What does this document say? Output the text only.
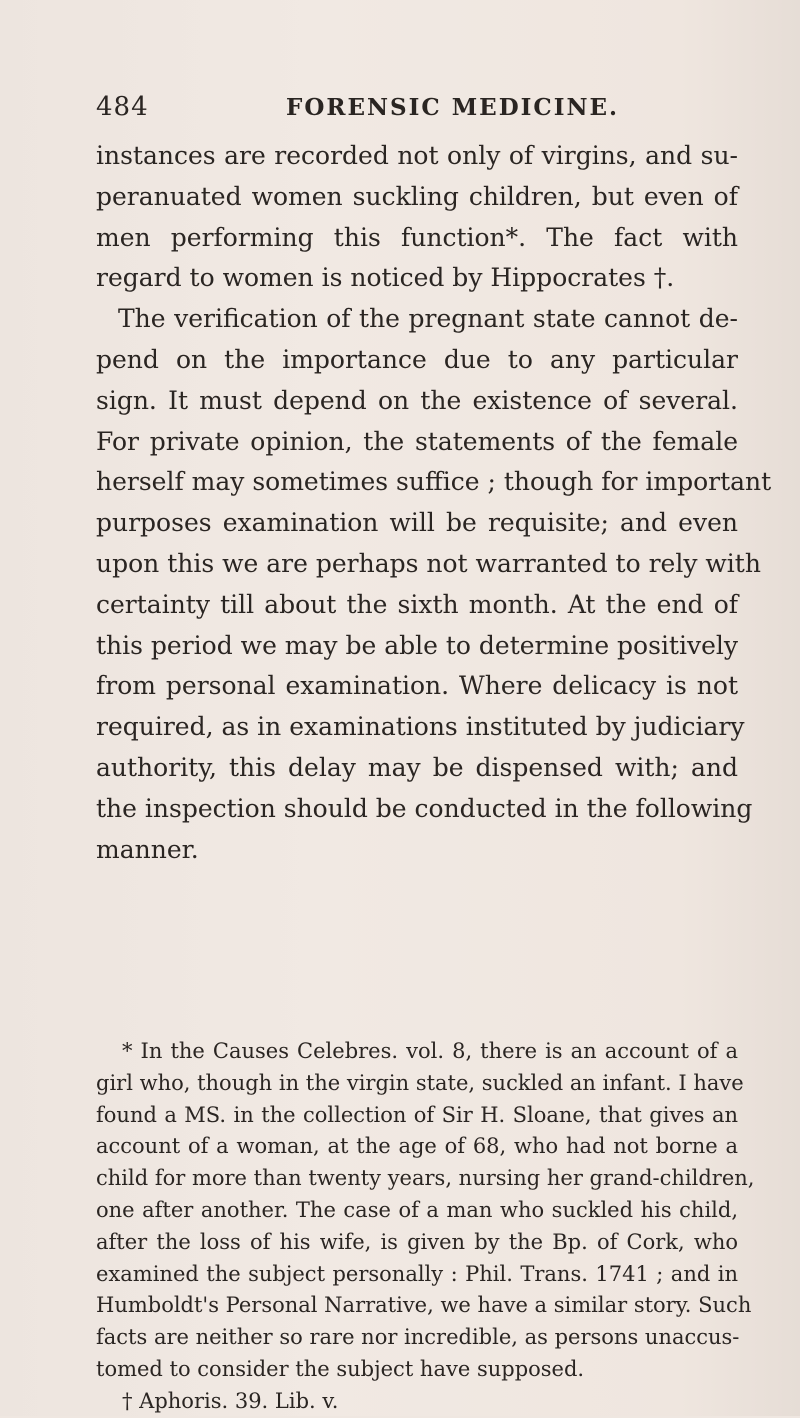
484	FORENSIC MEDICINE.
instances are recorded not only of virgins, and su-
peranuated women suckling children, but even of
men performing this function*. The fact with
regard to women is noticed by Hippocrates †.
The verification of the pregnant state cannot de-
pend on the importance due to any particular
sign. It must depend on the existence of several.
For private opinion, the statements of the female
herself may sometimes suffice ; though for important
purposes examination will be requisite; and even
upon this we are perhaps not warranted to rely with
certainty till about the sixth month. At the end of
this period we may be able to determine positively
from personal examination. Where delicacy is not
required, as in examinations instituted by judiciary
authority, this delay may be dispensed with; and
the inspection should be conducted in the following
manner.
* In the Causes Celebres. vol. 8, there is an account of a
girl who, though in the virgin state, suckled an infant. I have
found a MS. in the collection of Sir H. Sloane, that gives an
account of a woman, at the age of 68, who had not borne a
child for more than twenty years, nursing her grand-children,
one after another. The case of a man who suckled his child,
after the loss of his wife, is given by the Bp. of Cork, who
examined the subject personally : Phil. Trans. 1741 ; and in
Humboldt's Personal Narrative, we have a similar story. Such
facts are neither so rare nor incredible, as persons unaccus-
tomed to consider the subject have supposed.
† Aphoris. 39. Lib. v.
